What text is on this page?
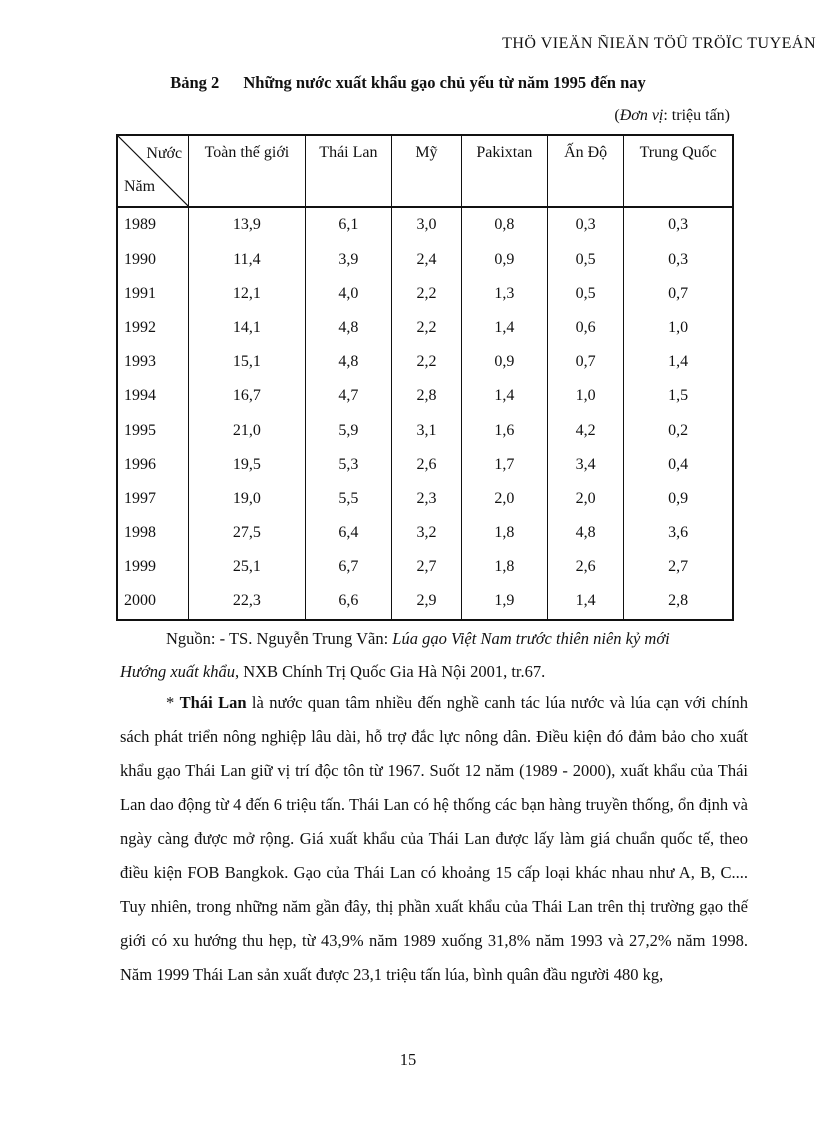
THÖ VIEÄN ÑIEÄN TÖÛ TRÖÏC TUYEÁN
Bảng 2 Những nước xuất khẩu gạo chủ yếu từ năm 1995 đến nay
(Đơn vị: triệu tấn)
Nước
Năm	Toàn thế giới	Thái Lan	Mỹ	Pakixtan	Ấn Độ	Trung Quốc
1989	13,9	6,1	3,0	0,8	0,3	0,3
1990	11,4	3,9	2,4	0,9	0,5	0,3
1991	12,1	4,0	2,2	1,3	0,5	0,7
1992	14,1	4,8	2,2	1,4	0,6	1,0
1993	15,1	4,8	2,2	0,9	0,7	1,4
1994	16,7	4,7	2,8	1,4	1,0	1,5
1995	21,0	5,9	3,1	1,6	4,2	0,2
1996	19,5	5,3	2,6	1,7	3,4	0,4
1997	19,0	5,5	2,3	2,0	2,0	0,9
1998	27,5	6,4	3,2	1,8	4,8	3,6
1999	25,1	6,7	2,7	1,8	2,6	2,7
2000	22,3	6,6	2,9	1,9	1,4	2,8
Nguồn: - TS. Nguyễn Trung Vãn: Lúa gạo Việt Nam trước thiên niên kỷ mới
Hướng xuất khẩu, NXB Chính Trị Quốc Gia Hà Nội 2001, tr.67.

* Thái Lan là nước quan tâm nhiều đến nghề canh tác lúa nước và lúa cạn với chính sách phát triển nông nghiệp lâu dài, hỗ trợ đắc lực nông dân. Điều kiện đó đảm bảo cho xuất khẩu gạo Thái Lan giữ vị trí độc tôn từ 1967. Suốt 12 năm (1989 - 2000), xuất khẩu của Thái Lan dao động từ 4 đến 6 triệu tấn. Thái Lan có hệ thống các bạn hàng truyền thống, ổn định và ngày càng được mở rộng. Giá xuất khẩu của Thái Lan được lấy làm giá chuẩn quốc tế, theo điều kiện FOB Bangkok. Gạo của Thái Lan có khoảng 15 cấp loại khác nhau như A, B, C.... Tuy nhiên, trong những năm gần đây, thị phần xuất khẩu của Thái Lan trên thị trường gạo thế giới có xu hướng thu hẹp, từ 43,9% năm 1989 xuống 31,8% năm 1993 và 27,2% năm 1998. Năm 1999 Thái Lan sản xuất được 23,1 triệu tấn lúa, bình quân đầu người 480 kg,

15
